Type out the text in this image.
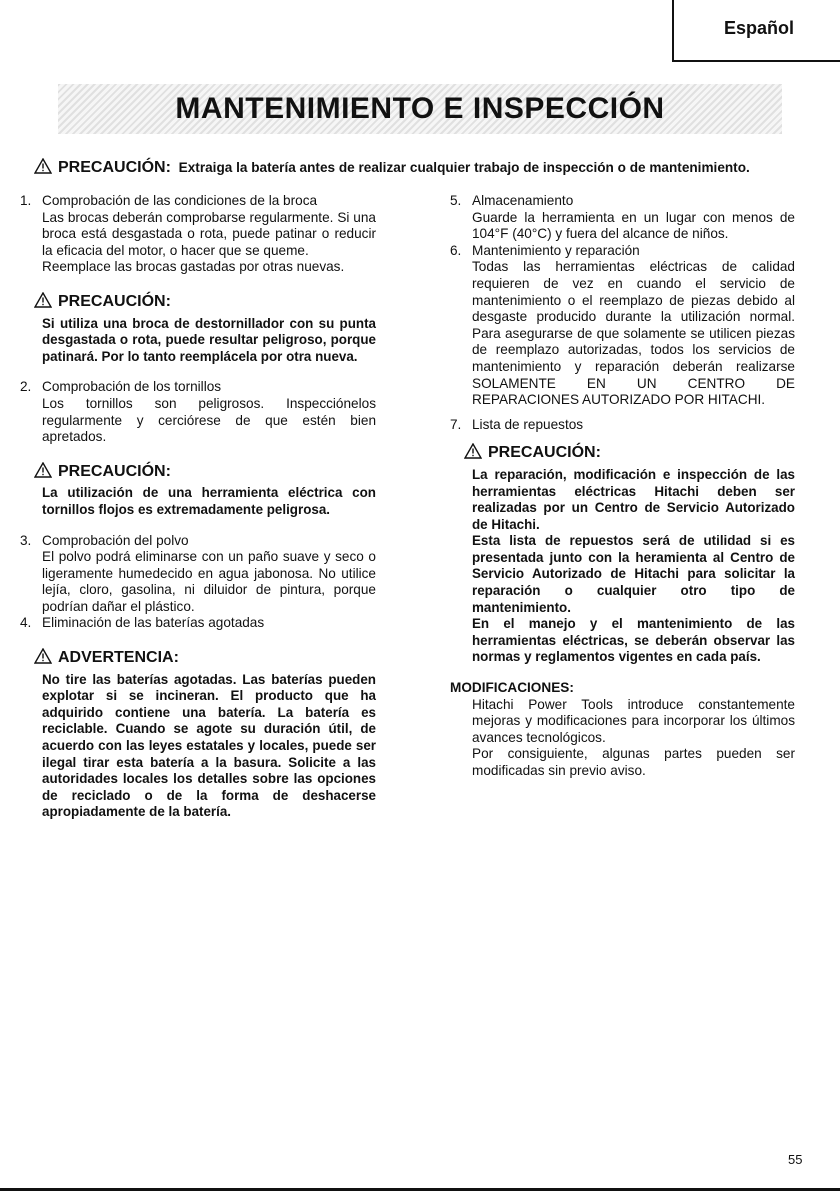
Español
MANTENIMIENTO E INSPECCIÓN
PRECAUCIÓN: Extraiga la batería antes de realizar cualquier trabajo de inspección o de mantenimiento.
1. Comprobación de las condiciones de la broca

Las brocas deberán comprobarse regularmente. Si una broca está desgastada o rota, puede patinar o reducir la eficacia del motor, o hacer que se queme.

Reemplace las brocas gastadas por otras nuevas.

PRECAUCIÓN:

Si utiliza una broca de destornillador con su punta desgastada o rota, puede resultar peligroso, porque patinará. Por lo tanto reemplácela por otra nueva.

2. Comprobación de los tornillos

Los tornillos son peligrosos. Inspecciónelos regularmente y cerciórese de que estén bien apretados.

PRECAUCIÓN:

La utilización de una herramienta eléctrica con tornillos flojos es extremadamente peligrosa.

3. Comprobación del polvo

El polvo podrá eliminarse con un paño suave y seco o ligeramente humedecido en agua jabonosa. No utilice lejía, cloro, gasolina, ni diluidor de pintura, porque podrían dañar el plástico.

4. Eliminación de las baterías agotadas

ADVERTENCIA:

No tire las baterías agotadas. Las baterías pueden explotar si se incineran. El producto que ha adquirido contiene una batería. La batería es reciclable. Cuando se agote su duración útil, de acuerdo con las leyes estatales y locales, puede ser ilegal tirar esta batería a la basura. Solicite a las autoridades locales los detalles sobre las opciones de reciclado o de la forma de deshacerse apropiadamente de la batería.

5. Almacenamiento

Guarde la herramienta en un lugar con menos de 104°F (40°C) y fuera del alcance de niños.

6. Mantenimiento y reparación

Todas las herramientas eléctricas de calidad requieren de vez en cuando el servicio de mantenimiento o el reemplazo de piezas debido al desgaste producido durante la utilización normal. Para asegurarse de que solamente se utilicen piezas de reemplazo autorizadas, todos los servicios de mantenimiento y reparación deberán realizarse SOLAMENTE EN UN CENTRO DE REPARACIONES AUTORIZADO POR HITACHI.

7. Lista de repuestos

PRECAUCIÓN:

La reparación, modificación e inspección de las herramientas eléctricas Hitachi deben ser realizadas por un Centro de Servicio Autorizado de Hitachi.

Esta lista de repuestos será de utilidad si es presentada junto con la heramienta al Centro de Servicio Autorizado de Hitachi para solicitar la reparación o cualquier otro tipo de mantenimiento.

En el manejo y el mantenimiento de las herramientas eléctricas, se deberán observar las normas y reglamentos vigentes en cada país.

MODIFICACIONES:

Hitachi Power Tools introduce constantemente mejoras y modificaciones para incorporar los últimos avances tecnológicos.

Por consiguiente, algunas partes pueden ser modificadas sin previo aviso.

55
